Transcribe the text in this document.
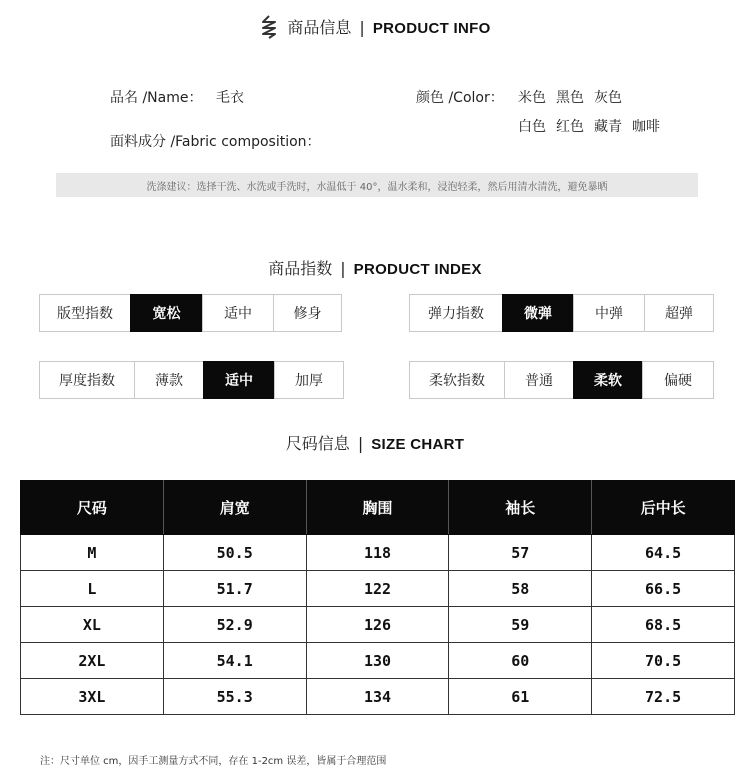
商品信息 | PRODUCT INFO
品名 /Name： 毛衣
面料成分 /Fabric composition：
颜色 /Color： 米色 黑色 灰色
白色 红色 藏青 咖啡
洗涤建议：选择干洗、水洗或手洗时，水温低于 40°，温水柔和，浸泡轻柔，然后用清水清洗，避免暴晒
商品指数 | PRODUCT INDEX
版型指数	宽松	适中	修身	弹力指数	微弹	中弹	超弹
厚度指数	薄款	适中	加厚	柔软指数	普通	柔软	偏硬
尺码信息 | SIZE CHART
尺码	肩宽	胸围	袖长	后中长
M	50.5	118	57	64.5
L	51.7	122	58	66.5
XL	52.9	126	59	68.5
2XL	54.1	130	60	70.5
3XL	55.3	134	61	72.5
注：尺寸单位 cm，因手工测量方式不同，存在 1-2cm 误差，皆属于合理范围
